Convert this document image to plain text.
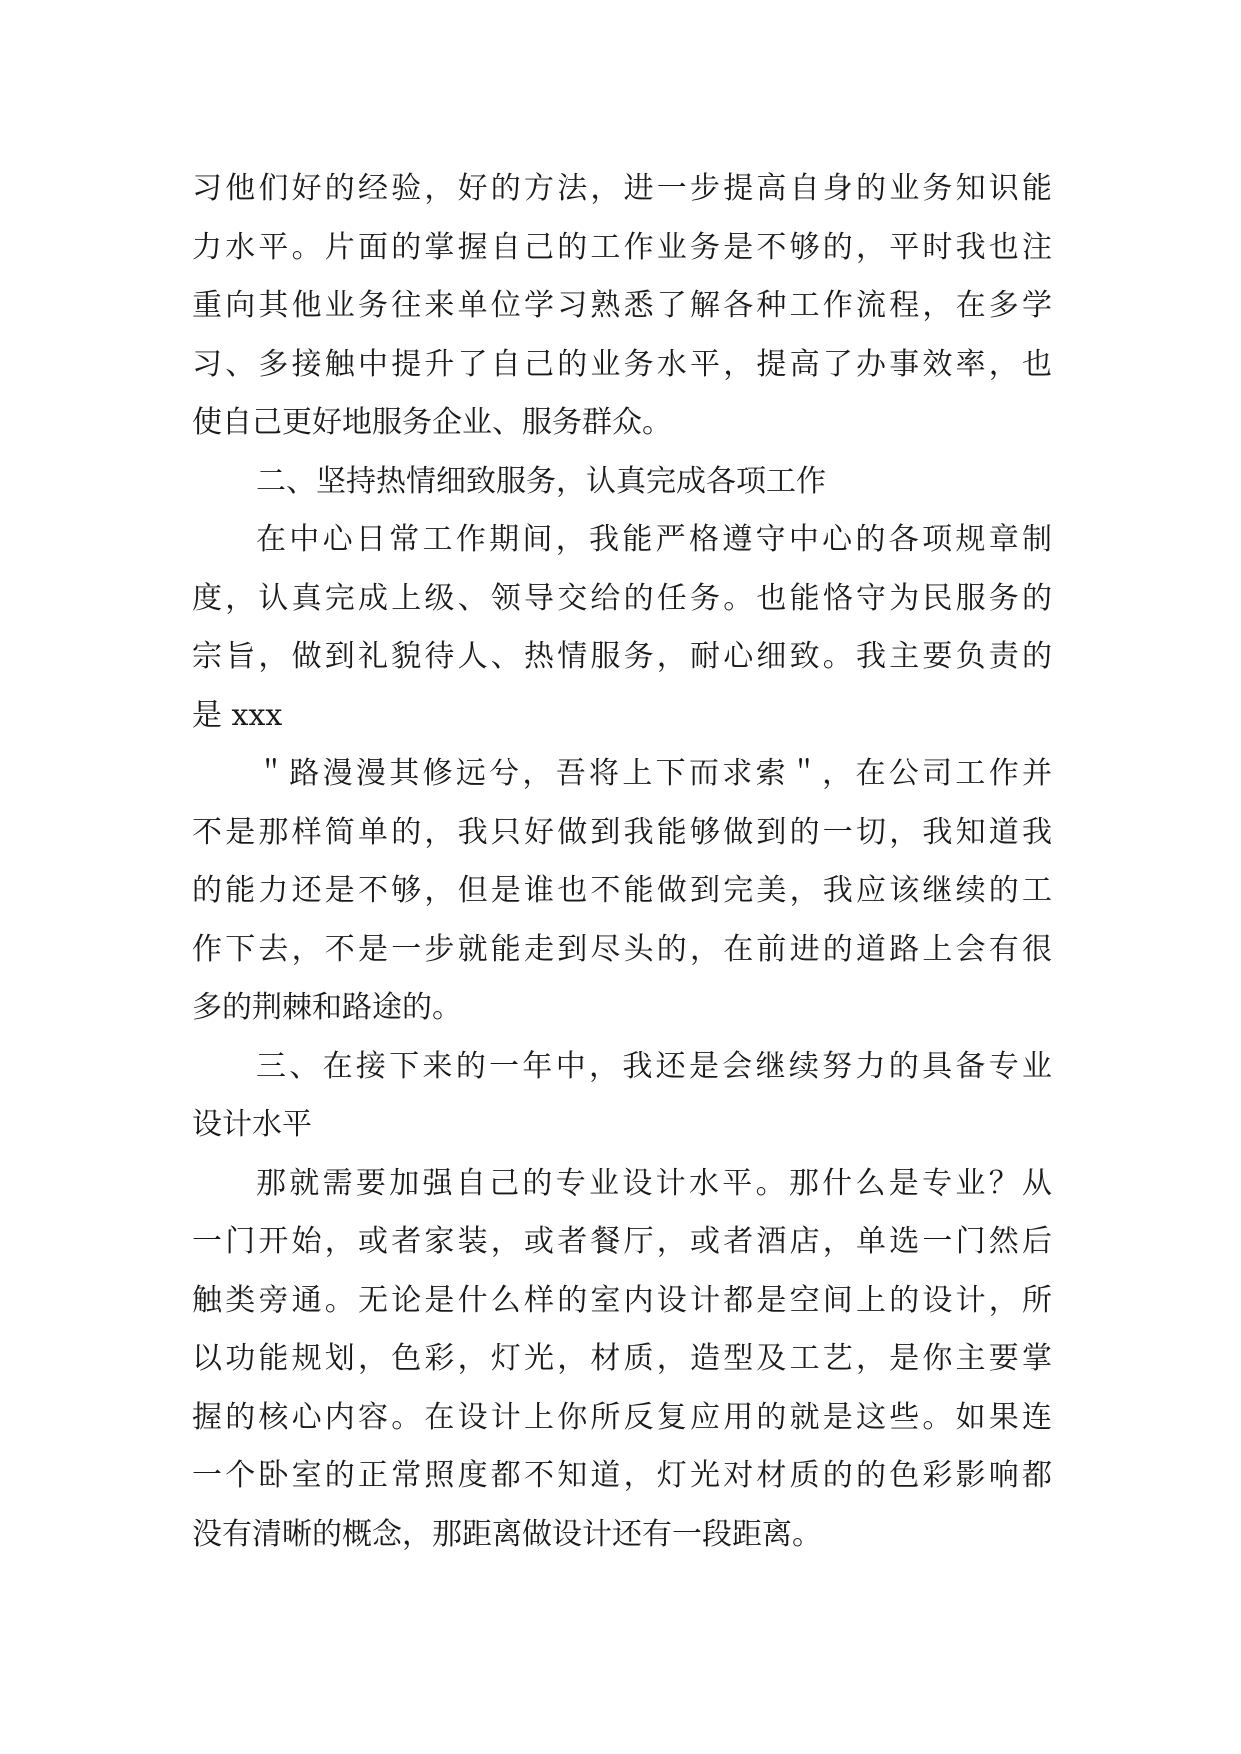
习他们好的经验，好的方法，进一步提高自身的业务知识能
力水平。片面的掌握自己的工作业务是不够的，平时我也注
重向其他业务往来单位学习熟悉了解各种工作流程，在多学
习、多接触中提升了自己的业务水平，提高了办事效率，也
使自己更好地服务企业、服务群众。
二、坚持热情细致服务，认真完成各项工作
在中心日常工作期间，我能严格遵守中心的各项规章制
度，认真完成上级、领导交给的任务。也能恪守为民服务的
宗旨，做到礼貌待人、热情服务，耐心细致。我主要负责的
是 xxx
＂路漫漫其修远兮，吾将上下而求索＂，在公司工作并
不是那样简单的，我只好做到我能够做到的一切，我知道我
的能力还是不够，但是谁也不能做到完美，我应该继续的工
作下去，不是一步就能走到尽头的，在前进的道路上会有很
多的荆棘和路途的。
三、在接下来的一年中，我还是会继续努力的具备专业
设计水平
那就需要加强自己的专业设计水平。那什么是专业？从
一门开始，或者家装，或者餐厅，或者酒店，单选一门然后
触类旁通。无论是什么样的室内设计都是空间上的设计，所
以功能规划，色彩，灯光，材质，造型及工艺，是你主要掌
握的核心内容。在设计上你所反复应用的就是这些。如果连
一个卧室的正常照度都不知道，灯光对材质的的色彩影响都
没有清晰的概念，那距离做设计还有一段距离。
